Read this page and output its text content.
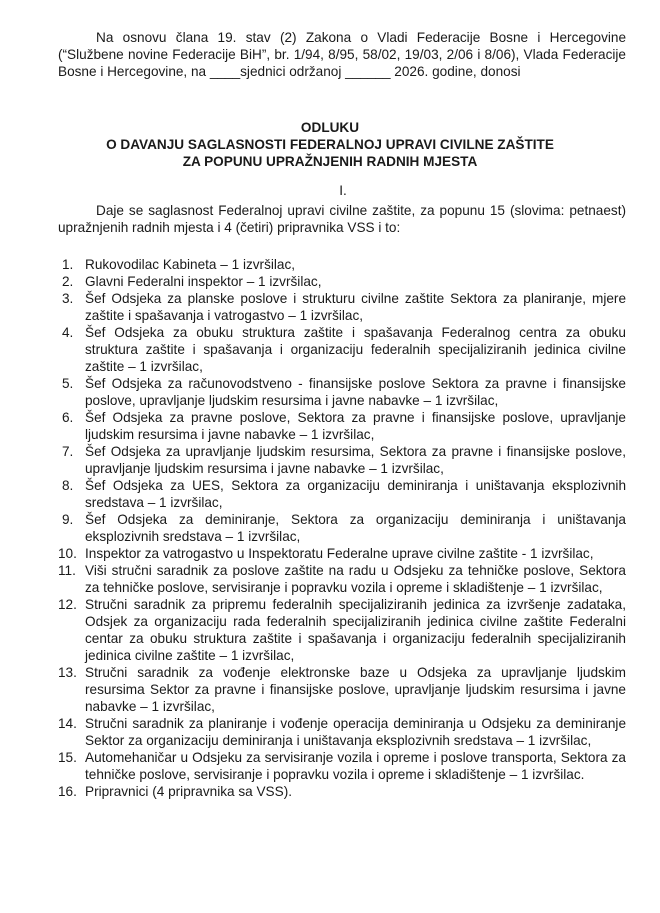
Na osnovu člana 19. stav (2) Zakona o Vladi Federacije Bosne i Hercegovine (“Službene novine Federacije BiH”, br. 1/94, 8/95, 58/02, 19/03, 2/06 i 8/06), Vlada Federacije Bosne i Hercegovine, na ____sjednici održanoj ______ 2026. godine, donosi

ODLUKU
O DAVANJU SAGLASNOSTI FEDERALNOJ UPRAVI CIVILNE ZAŠTITE
ZA POPUNU UPRAŽNJENIH RADNIH MJESTA
I.

Daje se saglasnost Federalnoj upravi civilne zaštite, za popunu 15 (slovima: petnaest) upražnjenih radnih mjesta i 4 (četiri) pripravnika VSS i to:

1. Rukovodilac Kabineta – 1 izvršilac,
2. Glavni Federalni inspektor – 1 izvršilac,
3. Šef Odsjeka za planske poslove i strukturu civilne zaštite Sektora za planiranje, mjere zaštite i spašavanja i vatrogastvo – 1 izvršilac,
4. Šef Odsjeka za obuku struktura zaštite i spašavanja Federalnog centra za obuku struktura zaštite i spašavanja i organizaciju federalnih specijaliziranih jedinica civilne zaštite – 1 izvršilac,
5. Šef Odsjeka za računovodstveno - finansijske poslove Sektora za pravne i finansijske poslove, upravljanje ljudskim resursima i javne nabavke – 1 izvršilac,
6. Šef Odsjeka za pravne poslove, Sektora za pravne i finansijske poslove, upravljanje ljudskim resursima i javne nabavke – 1 izvršilac,
7. Šef Odsjeka za upravljanje ljudskim resursima, Sektora za pravne i finansijske poslove, upravljanje ljudskim resursima i javne nabavke – 1 izvršilac,
8. Šef Odsjeka za UES, Sektora za organizaciju deminiranja i uništavanja eksplozivnih sredstava – 1 izvršilac,
9. Šef Odsjeka za deminiranje, Sektora za organizaciju deminiranja i uništavanja eksplozivnih sredstava – 1 izvršilac,
10. Inspektor za vatrogastvo u Inspektoratu Federalne uprave civilne zaštite - 1 izvršilac,
11. Viši stručni saradnik za poslove zaštite na radu u Odsjeku za tehničke poslove, Sektora za tehničke poslove, servisiranje i popravku vozila i opreme i skladištenje – 1 izvršilac,
12. Stručni saradnik za pripremu federalnih specijaliziranih jedinica za izvršenje zadataka, Odsjek za organizaciju rada federalnih specijaliziranih jedinica civilne zaštite Federalni centar za obuku struktura zaštite i spašavanja i organizaciju federalnih specijaliziranih jedinica civilne zaštite – 1 izvršilac,
13. Stručni saradnik za vođenje elektronske baze u Odsjeka za upravljanje ljudskim resursima Sektor za pravne i finansijske poslove, upravljanje ljudskim resursima i javne nabavke – 1 izvršilac,
14. Stručni saradnik za planiranje i vođenje operacija deminiranja u Odsjeku za deminiranje Sektor za organizaciju deminiranja i uništavanja eksplozivnih sredstava – 1 izvršilac,
15. Automehaničar u Odsjeku za servisiranje vozila i opreme i poslove transporta, Sektora za tehničke poslove, servisiranje i popravku vozila i opreme i skladištenje – 1 izvršilac.
16. Pripravnici (4 pripravnika sa VSS).
